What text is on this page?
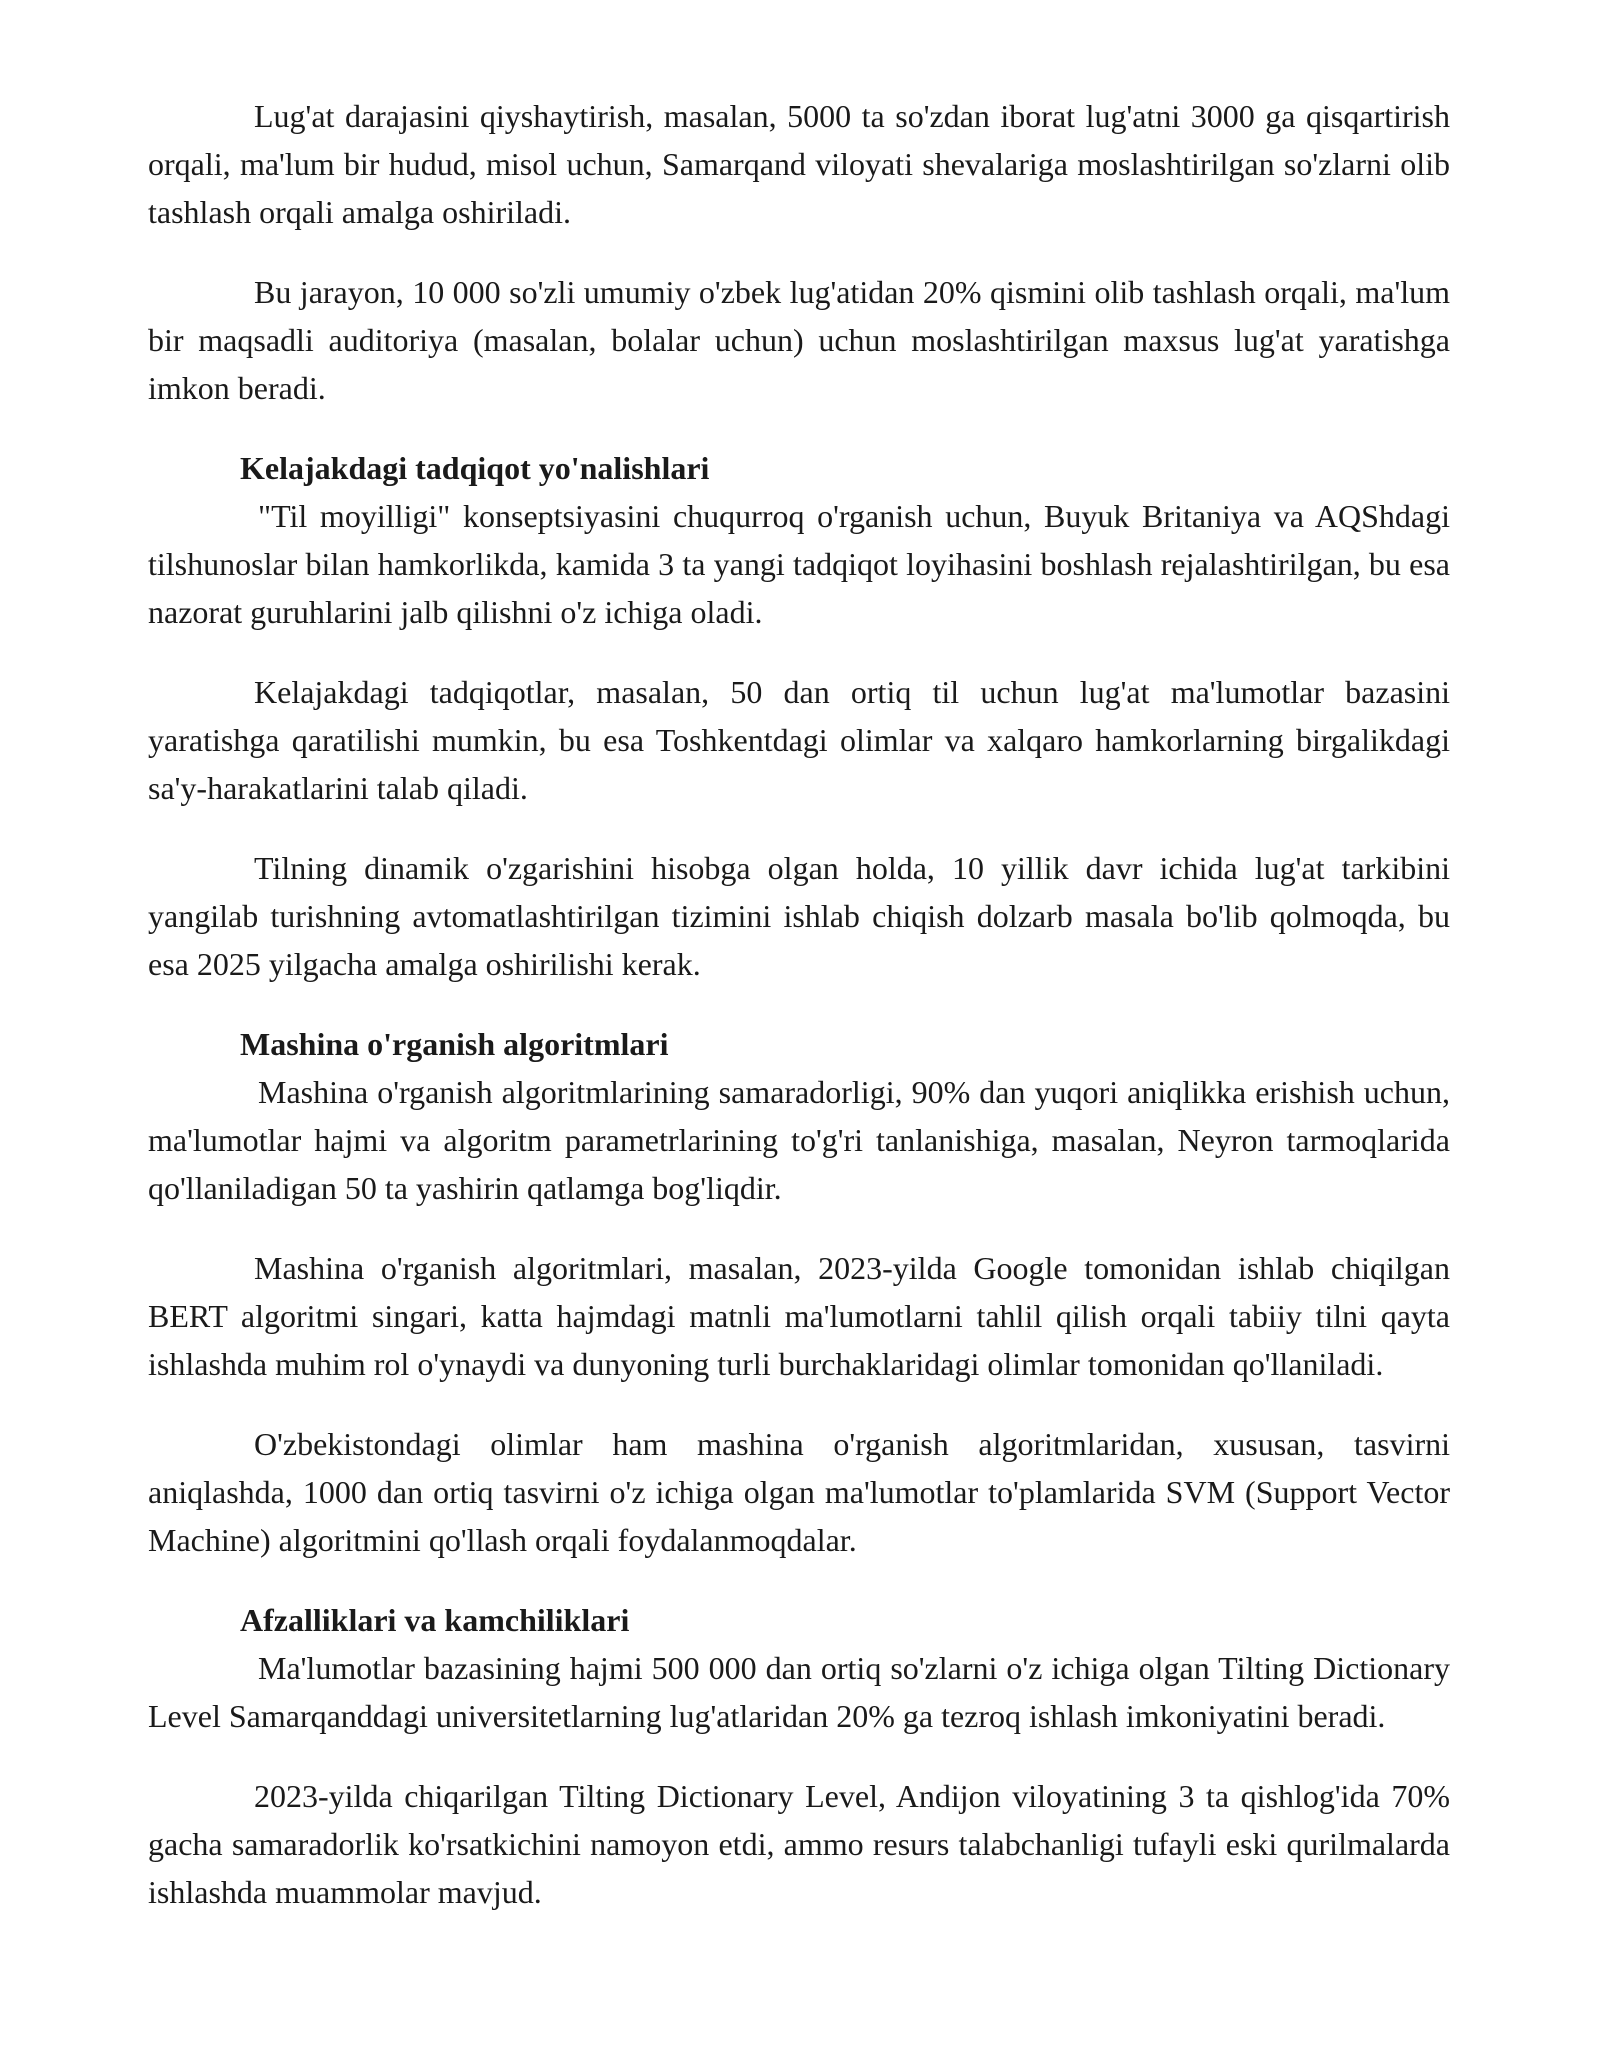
Lug'at darajasini qiyshaytirish, masalan, 5000 ta so'zdan iborat lug'atni 3000 ga qisqartirish orqali, ma'lum bir hudud, misol uchun, Samarqand viloyati shevalariga moslashtirilgan so'zlarni olib tashlash orqali amalga oshiriladi.

Bu jarayon, 10 000 so'zli umumiy o'zbek lug'atidan 20% qismini olib tashlash orqali, ma'lum bir maqsadli auditoriya (masalan, bolalar uchun) uchun moslashtirilgan maxsus lug'at yaratishga imkon beradi.

Kelajakdagi tadqiqot yo'nalishlari

"Til moyilligi" konseptsiyasini chuqurroq o'rganish uchun, Buyuk Britaniya va AQShdagi tilshunoslar bilan hamkorlikda, kamida 3 ta yangi tadqiqot loyihasini boshlash rejalashtirilgan, bu esa nazorat guruhlarini jalb qilishni o'z ichiga oladi.

Kelajakdagi tadqiqotlar, masalan, 50 dan ortiq til uchun lug'at ma'lumotlar bazasini yaratishga qaratilishi mumkin, bu esa Toshkentdagi olimlar va xalqaro hamkorlarning birgalikdagi sa'y-harakatlarini talab qiladi.

Tilning dinamik o'zgarishini hisobga olgan holda, 10 yillik davr ichida lug'at tarkibini yangilab turishning avtomatlashtirilgan tizimini ishlab chiqish dolzarb masala bo'lib qolmoqda, bu esa 2025 yilgacha amalga oshirilishi kerak.

Mashina o'rganish algoritmlari

Mashina o'rganish algoritmlarining samaradorligi, 90% dan yuqori aniqlikka erishish uchun, ma'lumotlar hajmi va algoritm parametrlarining to'g'ri tanlanishiga, masalan, Neyron tarmoqlarida qo'llaniladigan 50 ta yashirin qatlamga bog'liqdir.

Mashina o'rganish algoritmlari, masalan, 2023-yilda Google tomonidan ishlab chiqilgan BERT algoritmi singari, katta hajmdagi matnli ma'lumotlarni tahlil qilish orqali tabiiy tilni qayta ishlashda muhim rol o'ynaydi va dunyoning turli burchaklaridagi olimlar tomonidan qo'llaniladi.

O'zbekistondagi olimlar ham mashina o'rganish algoritmlaridan, xususan, tasvirni aniqlashda, 1000 dan ortiq tasvirni o'z ichiga olgan ma'lumotlar to'plamlarida SVM (Support Vector Machine) algoritmini qo'llash orqali foydalanmoqdalar.

Afzalliklari va kamchiliklari

Ma'lumotlar bazasining hajmi 500 000 dan ortiq so'zlarni o'z ichiga olgan Tilting Dictionary Level Samarqanddagi universitetlarning lug'atlaridan 20% ga tezroq ishlash imkoniyatini beradi.

2023-yilda chiqarilgan Tilting Dictionary Level, Andijon viloyatining 3 ta qishlog'ida 70% gacha samaradorlik ko'rsatkichini namoyon etdi, ammo resurs talabchanligi tufayli eski qurilmalarda ishlashda muammolar mavjud.
